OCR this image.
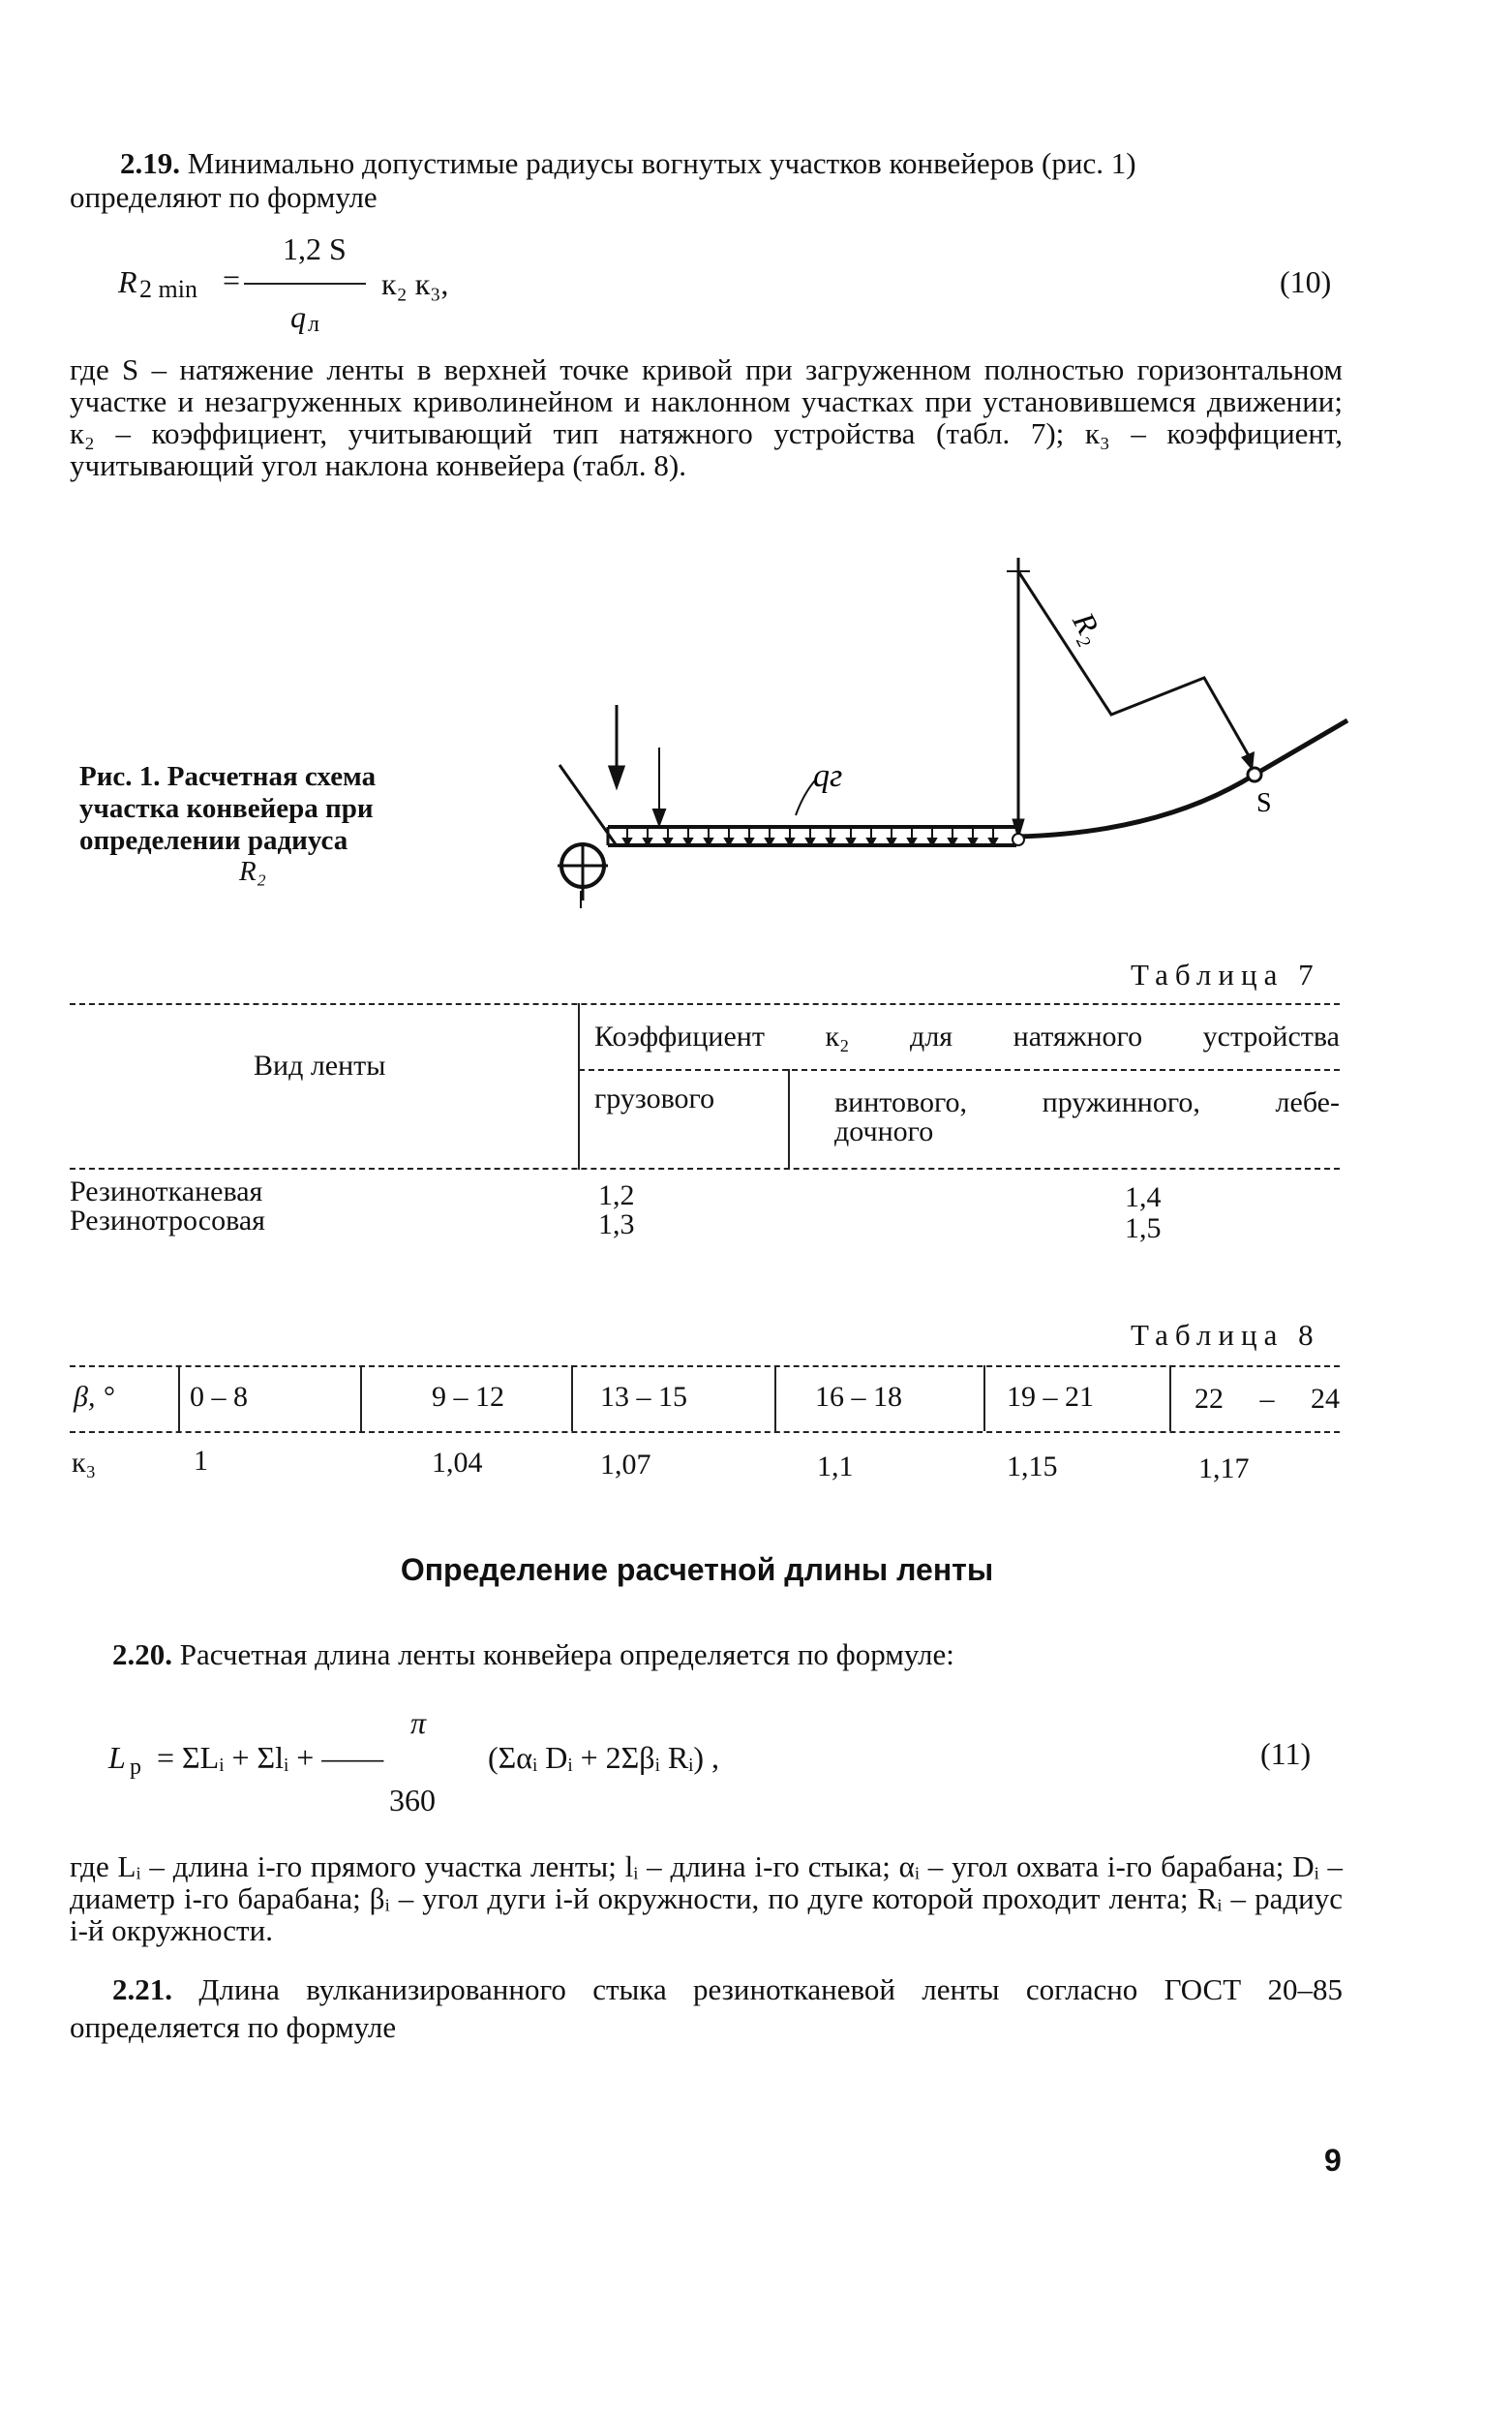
2.19. Минимально допустимые радиусы вогнутых участков конвейеров (рис. 1)
определяют по формуле
1,2 S
R 2 min =
q л
к₂ к₃,	(10)
где S – натяжение ленты в верхней точке кривой при загруженном полностью горизонтальном участке и незагруженных криволинейном и наклонном участках при установившемся движении; к₂ – коэффициент, учитывающий тип натяжного устройства (табл. 7); к₃ – коэффициент, учитывающий угол наклона конвейера (табл. 8).
Рис. 1. Расчетная схема
участка конвейера при
определении радиуса
R₂
qг
R₂
S
Таблица 7
Вид ленты
Коэффициент к₂ для натяжного устройства
грузового	винтового, пружинного, лебе-
дочного
Резинотканевая	1,2	1,4
Резинотросовая	1,3	1,5
Таблица 8
β, °	0 – 8	9 – 12	13 – 15	16 – 18	19 – 21	22 – 24
к₃	1	1,04	1,07	1,1	1,15	1,17
Определение расчетной длины ленты
2.20. Расчетная длина ленты конвейера определяется по формуле:
π
L р = ΣLᵢ + Σlᵢ + ––––
360
(Σαᵢ Dᵢ + 2Σβᵢ Rᵢ) ,	(11)
где Lᵢ – длина i-го прямого участка ленты; lᵢ – длина i-го стыка; αᵢ – угол охвата i-го барабана; Dᵢ – диаметр i-го барабана; βᵢ – угол дуги i-й окружности, по дуге которой проходит лента; Rᵢ – радиус i-й окружности.
2.21. Длина вулканизированного стыка резинотканевой ленты согласно ГОСТ 20–85 определяется по формуле
9
